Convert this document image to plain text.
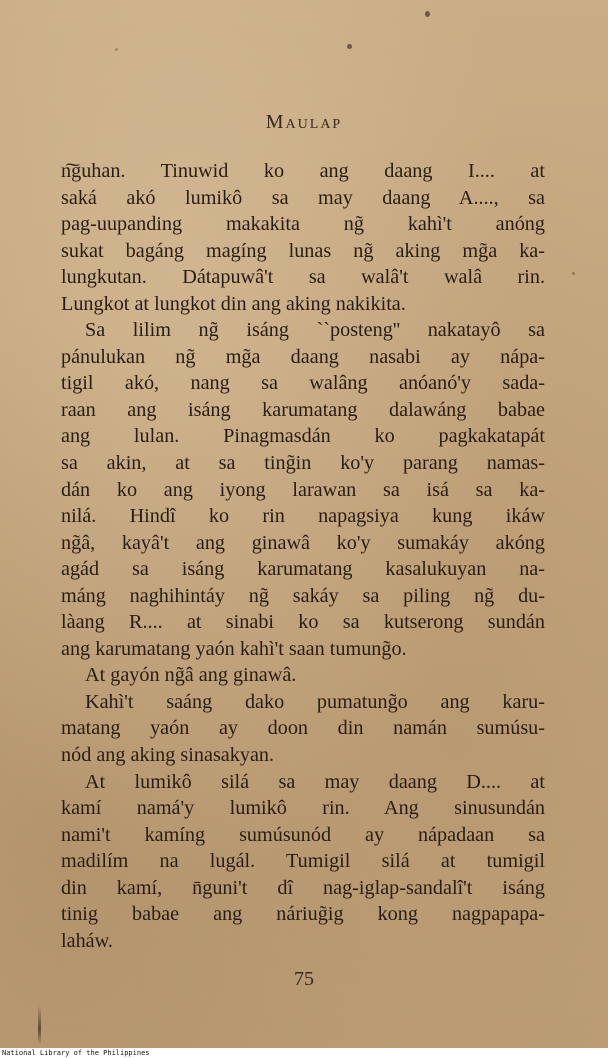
Maulap
n͠guhan. Tinuwid ko ang daang I.... at
saká akó lumikô sa may daang A...., sa
pag-uupanding makakita ng̃ kahì't anóng
sukat bagáng magíng lunas ng̃ aking mg̃a ka-
lungkutan. Dátapuwâ't sa walâ't walâ rin.
Lungkot at lungkot din ang aking nakikita.
Sa lilim ng̃ isáng ``posteng'' nakatayô sa
pánulukan ng̃ mg̃a daang nasabi ay nápa-
tigil akó, nang sa walâng anóanó'y sada-
raan ang isáng karumatang dalawáng babae
ang lulan. Pinagmasdán ko pagkakatapát
sa akin, at sa ting̃in ko'y parang namas-
dán ko ang iyong larawan sa isá sa ka-
nilá. Hindî ko rin napagsiya kung ikáw
ng̃â, kayâ't ang ginawâ ko'y sumakáy akóng
agád sa isáng karumatang kasalukuyan na-
máng naghihintáy ng̃ sakáy sa piling ng̃ du-
làang R.... at sinabi ko sa kutserong sundán
ang karumatang yaón kahì't saan tumung̃o.
At gayón ng̃â ang ginawâ.
Kahì't saáng dako pumatung̃o ang karu-
matang yaón ay doon din namán sumúsu-
nód ang aking sinasakyan.
At lumikô silá sa may daang D.... at
kamí namá'y lumikô rin. Ang sinusundán
nami't kamíng sumúsunód ay nápadaan sa
madilím na lugál. Tumigil silá at tumigil
din kamí, n̄guni't dî nag-iglap-sandalî't isáng
tinig babae ang náriug̃ig kong nagpapapa-
laháw.
75
National Library of the Philippines
